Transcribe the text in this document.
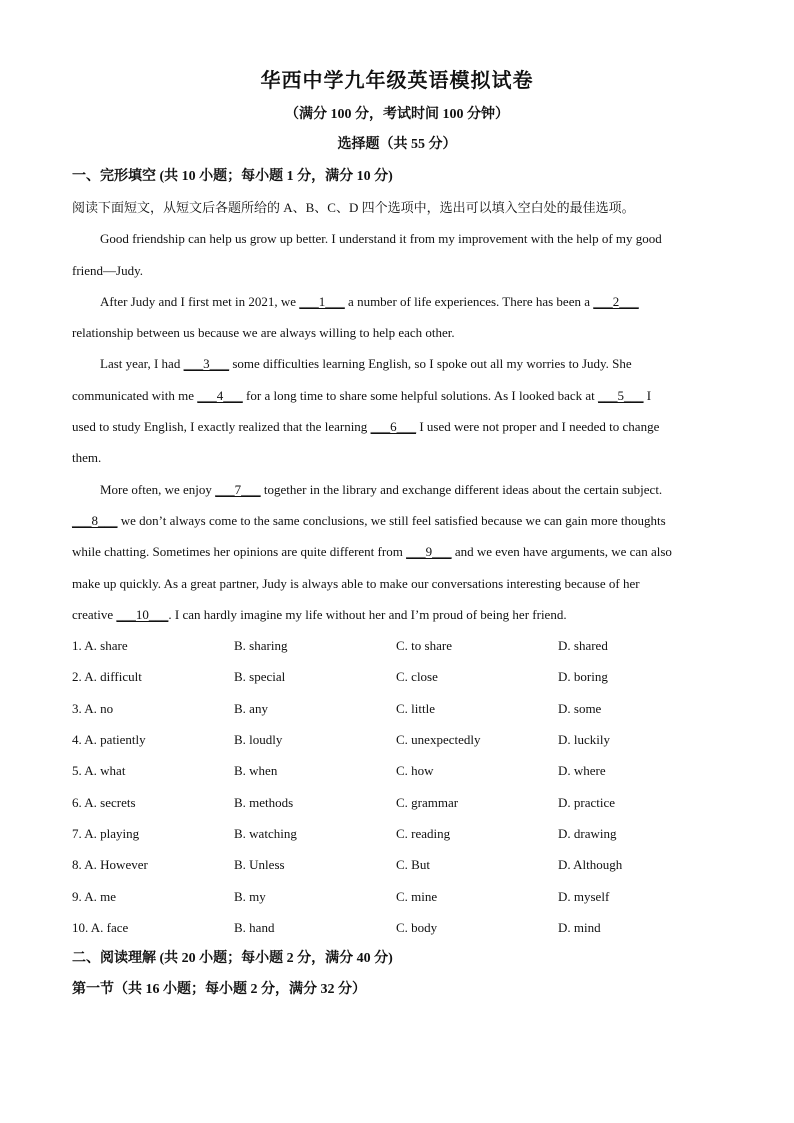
华西中学九年级英语模拟试卷
（满分 100 分，考试时间 100 分钟）
选择题（共 55 分）
一、完形填空 (共 10 小题；每小题 1 分，满分 10 分)

阅读下面短文，从短文后各题所给的 A、B、C、D 四个选项中，选出可以填入空白处的最佳选项。

Good friendship can help us grow up better. I understand it from my improvement with the help of my good

friend—Judy.

After Judy and I first met in 2021, we ___1___ a number of life experiences. There has been a ___2___

relationship between us because we are always willing to help each other.

Last year, I had ___3___ some difficulties learning English, so I spoke out all my worries to Judy. She

communicated with me ___4___ for a long time to share some helpful solutions. As I looked back at ___5___ I

used to study English, I exactly realized that the learning ___6___ I used were not proper and I needed to change

them.

More often, we enjoy ___7___ together in the library and exchange different ideas about the certain subject.

___8___ we don’t always come to the same conclusions, we still feel satisfied because we can gain more thoughts

while chatting. Sometimes her opinions are quite different from ___9___ and we even have arguments, we can also

make up quickly. As a great partner, Judy is always able to make our conversations interesting because of her

creative ___10___. I can hardly imagine my life without her and I’m proud of being her friend.

1. A. share	B. sharing	C. to share	D. shared
2. A. difficult	B. special	C. close	D. boring
3. A. no	B. any	C. little	D. some
4. A. patiently	B. loudly	C. unexpectedly	D. luckily
5. A. what	B. when	C. how	D. where
6. A. secrets	B. methods	C. grammar	D. practice
7. A. playing	B. watching	C. reading	D. drawing
8. A. However	B. Unless	C. But	D. Although
9. A. me	B. my	C. mine	D. myself
10. A. face	B. hand	C. body	D. mind
二、阅读理解 (共 20 小题；每小题 2 分，满分 40 分)
第一节（共 16 小题；每小题 2 分，满分 32 分）
